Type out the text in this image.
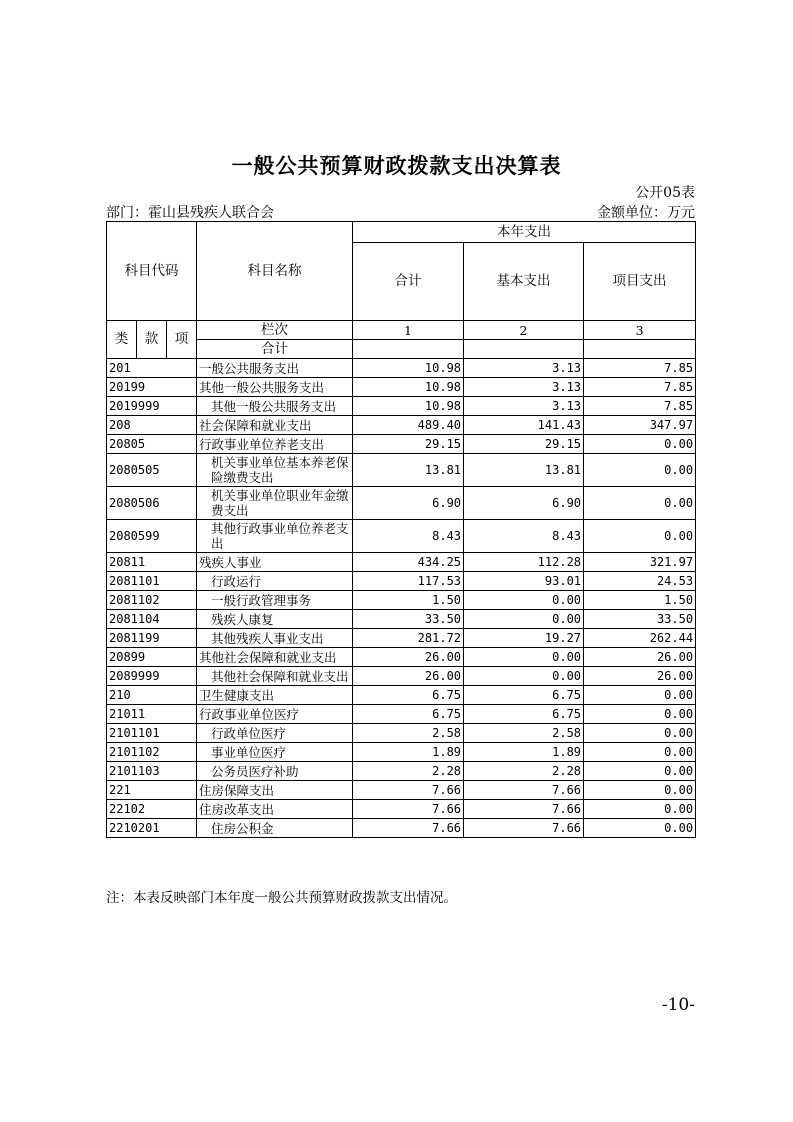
一般公共预算财政拨款支出决算表
公开05表
部门：霍山县残疾人联合会	金额单位：万元
科目代码			科目名称	本年支出		
				合计	基本支出	项目支出
类	款	项	栏次	1	2	3
			合计			
201			一般公共服务支出	10.98	3.13	7.85
20199			其他一般公共服务支出	10.98	3.13	7.85
2019999			其他一般公共服务支出	10.98	3.13	7.85
208			社会保障和就业支出	489.40	141.43	347.97
20805			行政事业单位养老支出	29.15	29.15	0.00
2080505			机关事业单位基本养老保险缴费支出	13.81	13.81	0.00
2080506			机关事业单位职业年金缴费支出	6.90	6.90	0.00
2080599			其他行政事业单位养老支出	8.43	8.43	0.00
20811			残疾人事业	434.25	112.28	321.97
2081101			行政运行	117.53	93.01	24.53
2081102			一般行政管理事务	1.50	0.00	1.50
2081104			残疾人康复	33.50	0.00	33.50
2081199			其他残疾人事业支出	281.72	19.27	262.44
20899			其他社会保障和就业支出	26.00	0.00	26.00
2089999			其他社会保障和就业支出	26.00	0.00	26.00
210			卫生健康支出	6.75	6.75	0.00
21011			行政事业单位医疗	6.75	6.75	0.00
2101101			行政单位医疗	2.58	2.58	0.00
2101102			事业单位医疗	1.89	1.89	0.00
2101103			公务员医疗补助	2.28	2.28	0.00
221			住房保障支出	7.66	7.66	0.00
22102			住房改革支出	7.66	7.66	0.00
2210201			住房公积金	7.66	7.66	0.00
注：本表反映部门本年度一般公共预算财政拨款支出情况。
-10-
